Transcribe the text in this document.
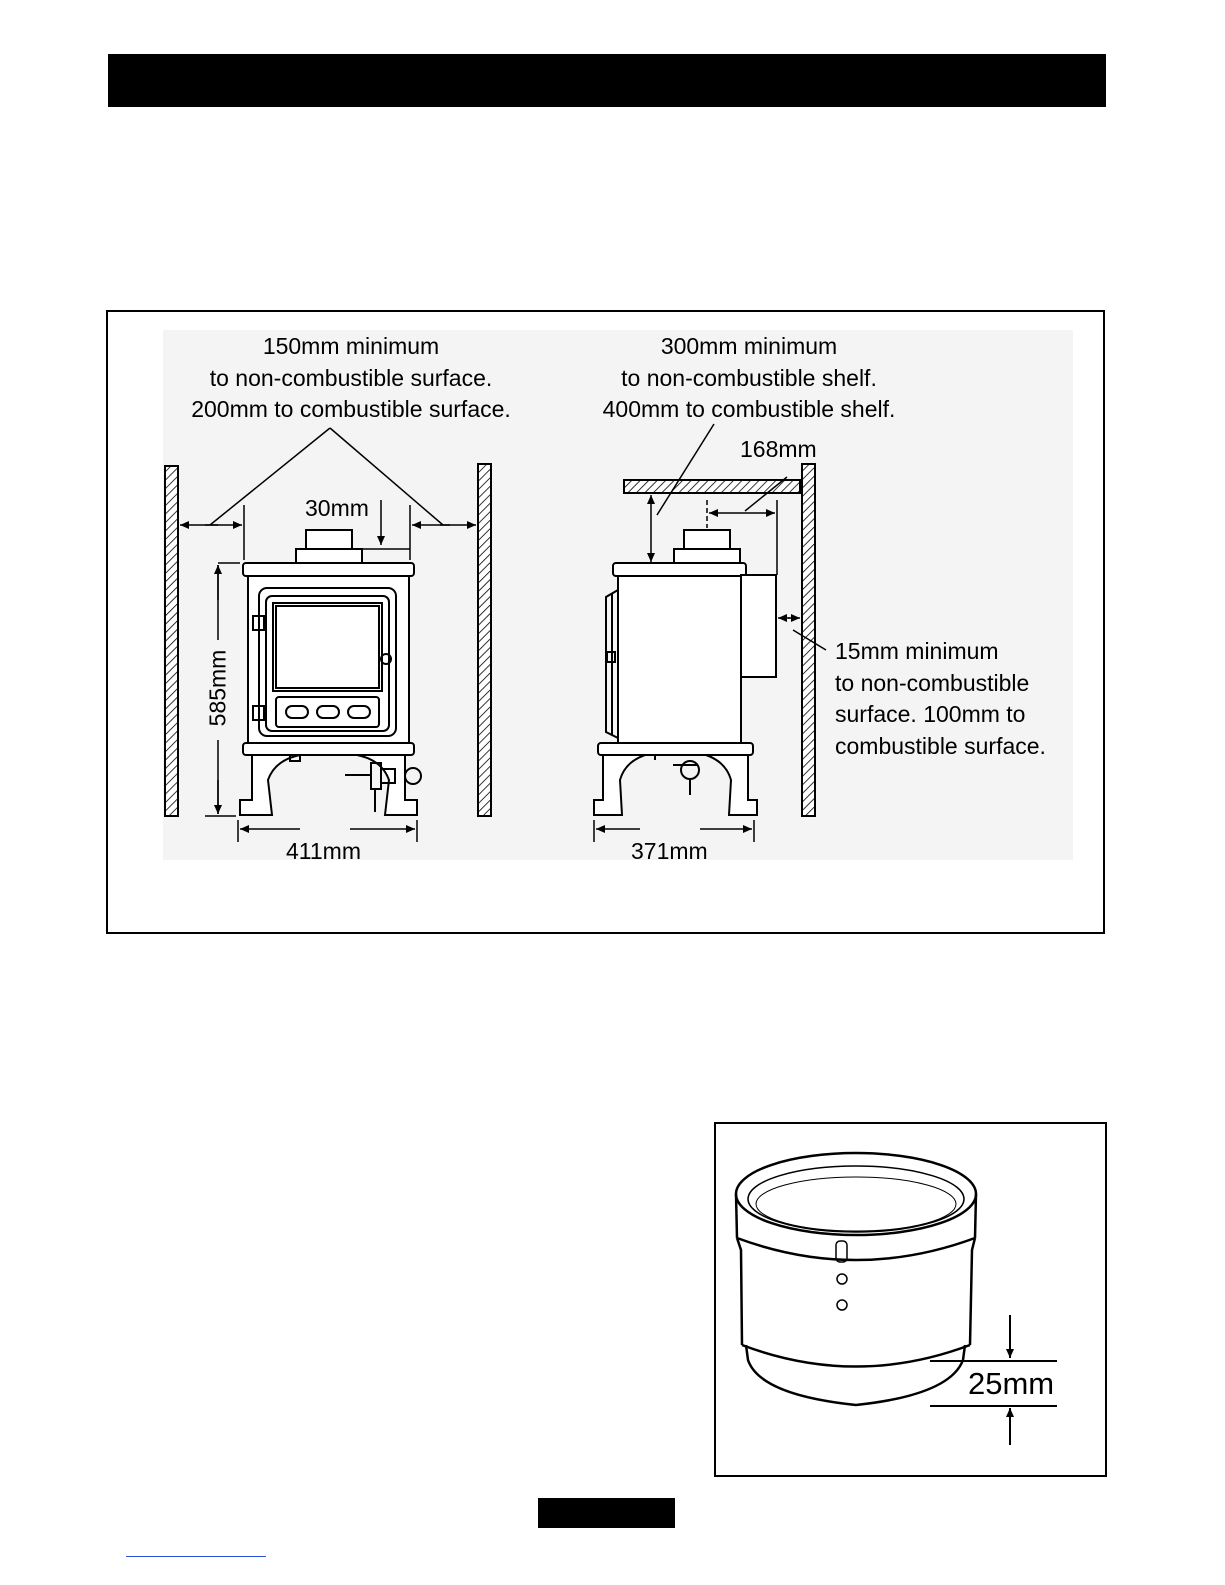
150mm minimum
to non-combustible surface.
200mm to combustible surface.
300mm minimum
to non-combustible shelf.
400mm to combustible shelf.
15mm minimum
to non-combustible
surface. 100mm to
combustible surface.
30mm
168mm
411mm	371mm
585mm
25mm
